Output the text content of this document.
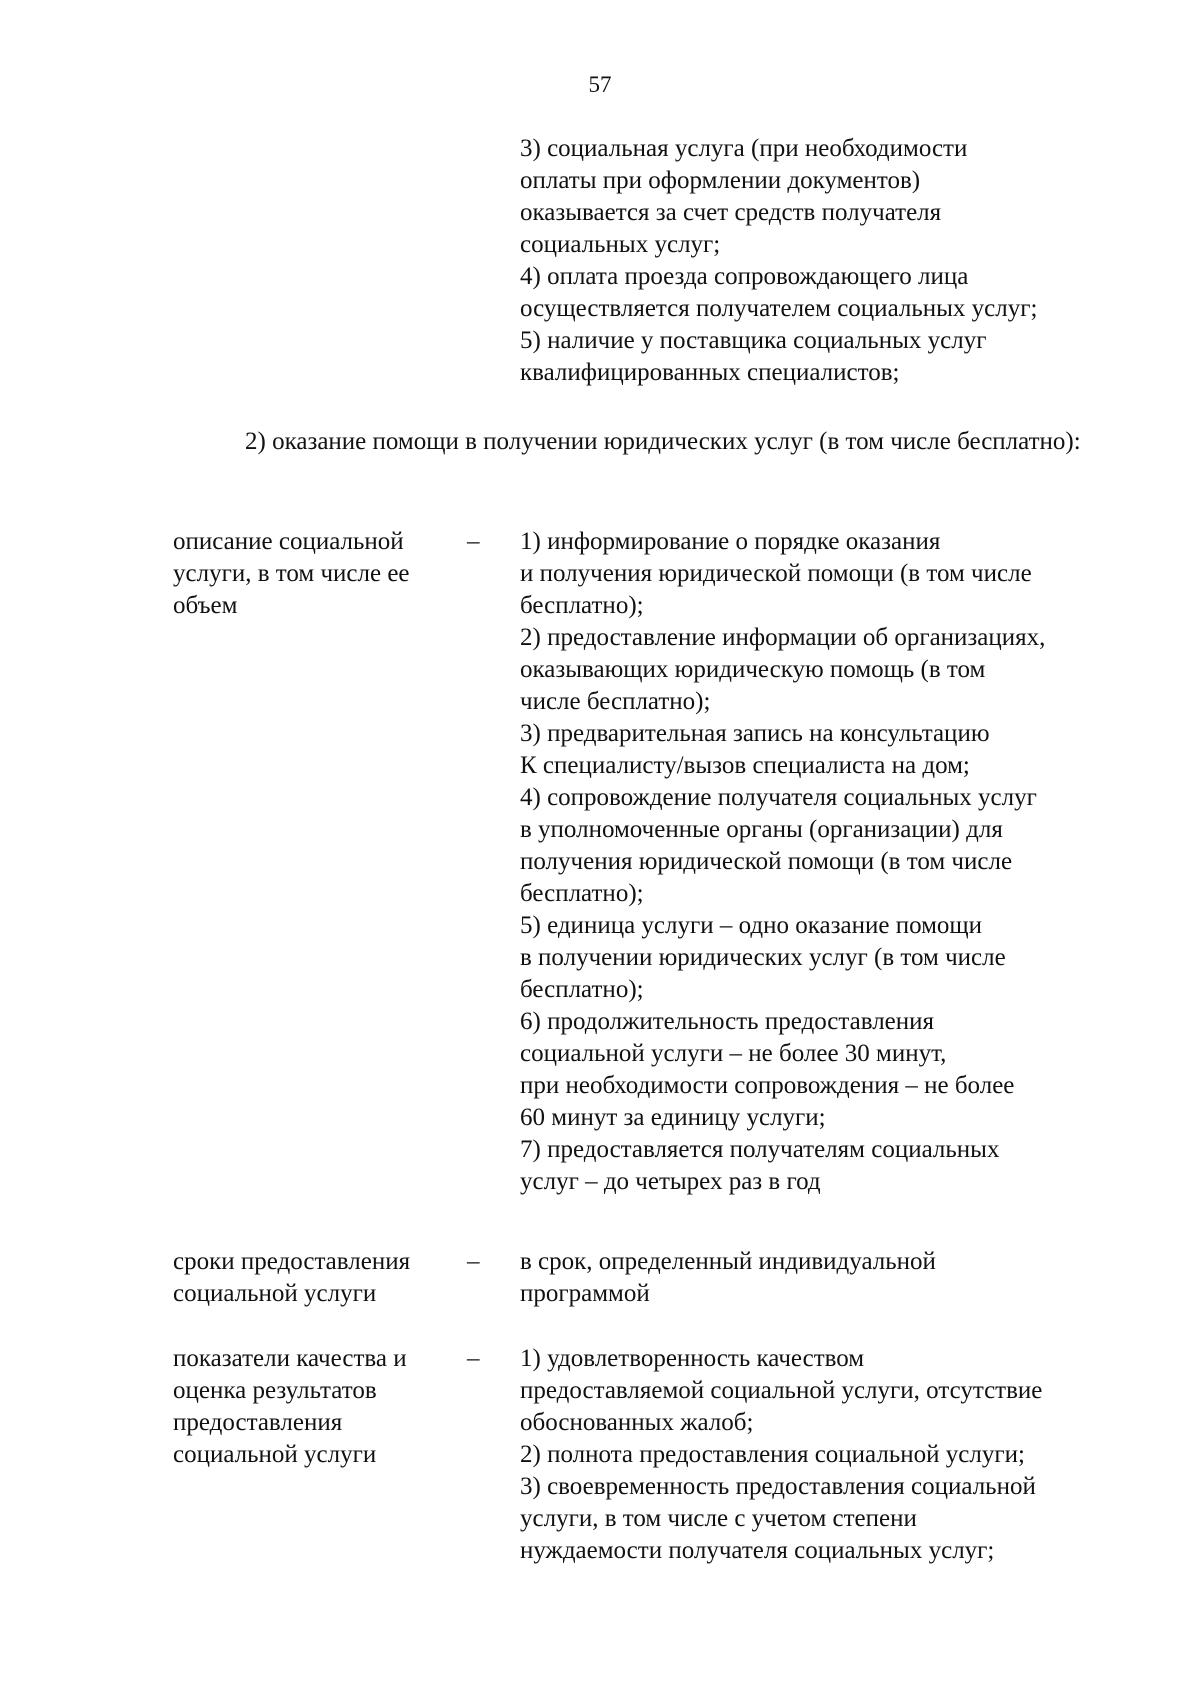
57
3) социальная услуга (при необходимости
оплаты при оформлении документов)
оказывается за счет средств получателя
социальных услуг;
4) оплата проезда сопровождающего лица
осуществляется получателем социальных услуг;
5) наличие у поставщика социальных услуг
квалифицированных специалистов;
2) оказание помощи в получении юридических услуг (в том числе бесплатно):
описание социальной
услуги, в том числе ее
объем
– 1) информирование о порядке оказания
и получения юридической помощи (в том числе
бесплатно);
2) предоставление информации об организациях,
оказывающих юридическую помощь (в том
числе бесплатно);
3) предварительная запись на консультацию
К специалисту/вызов специалиста на дом;
4) сопровождение получателя социальных услуг
в уполномоченные органы (организации) для
получения юридической помощи (в том числе
бесплатно);
5) единица услуги – одно оказание помощи
в получении юридических услуг (в том числе
бесплатно);
6) продолжительность предоставления
социальной услуги – не более 30 минут,
при необходимости сопровождения – не более
60 минут за единицу услуги;
7) предоставляется получателям социальных
услуг – до четырех раз в год
сроки предоставления
социальной услуги
– в срок, определенный индивидуальной
программой
показатели качества и
оценка результатов
предоставления
социальной услуги
– 1) удовлетворенность качеством
предоставляемой социальной услуги, отсутствие
обоснованных жалоб;
2) полнота предоставления социальной услуги;
3) своевременность предоставления социальной
услуги, в том числе с учетом степени
нуждаемости получателя социальных услуг;
